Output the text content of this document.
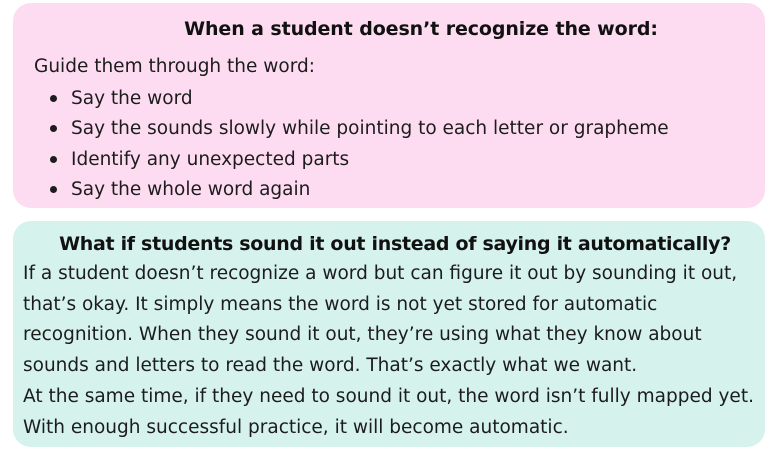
When a student doesn’t recognize the word:
Guide them through the word:
Say the word
Say the sounds slowly while pointing to each letter or grapheme
Identify any unexpected parts
Say the whole word again
What if students sound it out instead of saying it automatically?

If a student doesn’t recognize a word but can figure it out by sounding it out,

that’s okay. It simply means the word is not yet stored for automatic

recognition. When they sound it out, they’re using what they know about

sounds and letters to read the word. That’s exactly what we want.

At the same time, if they need to sound it out, the word isn’t fully mapped yet.

With enough successful practice, it will become automatic.
